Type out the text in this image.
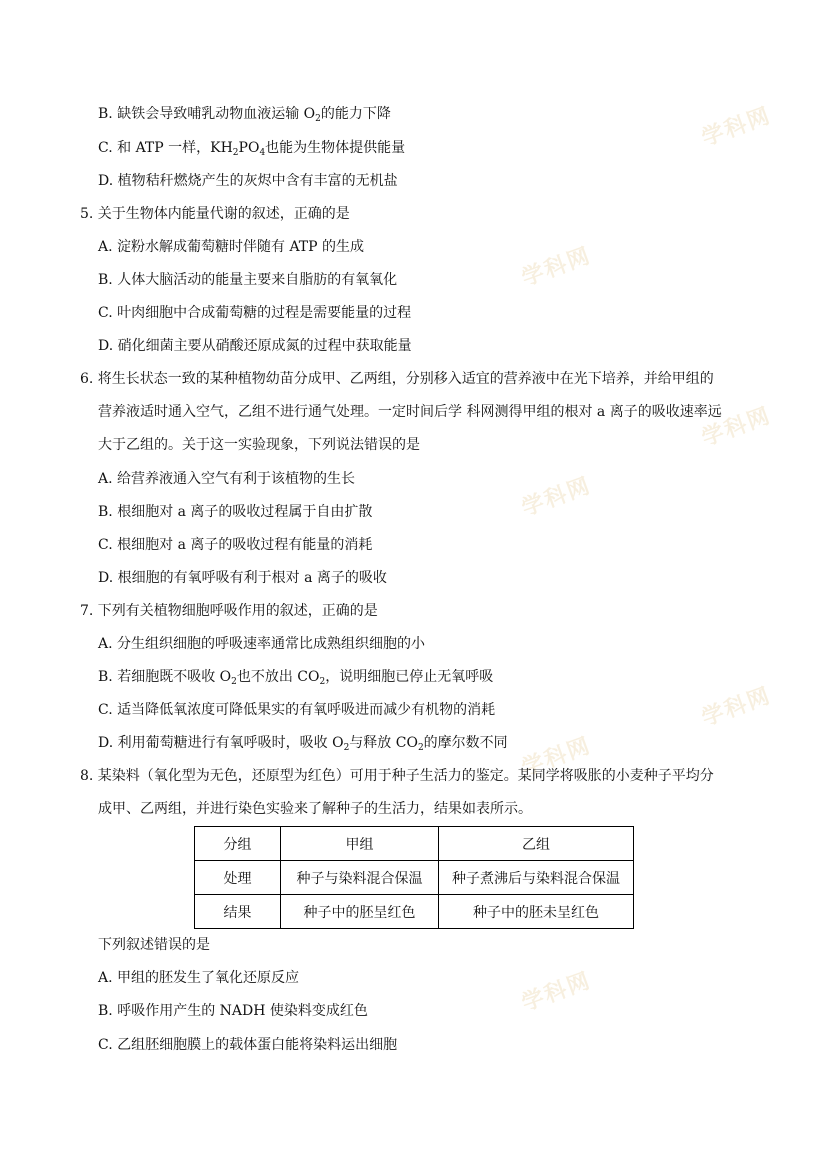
学科网
学科网
学科网
学科网
学科网
学科网
学科网
B. 缺铁会导致哺乳动物血液运输 $O_2$的能力下降
C. 和 ATP 一样，$KH_2PO_4$也能为生物体提供能量
D. 植物秸秆燃烧产生的灰烬中含有丰富的无机盐
5. 关于生物体内能量代谢的叙述，正确的是
A. 淀粉水解成葡萄糖时伴随有 ATP 的生成
B. 人体大脑活动的能量主要来自脂肪的有氧氧化
C. 叶肉细胞中合成葡萄糖的过程是需要能量的过程
D. 硝化细菌主要从硝酸还原成氮的过程中获取能量
6. 将生长状态一致的某种植物幼苗分成甲、乙两组，分别移入适宜的营养液中在光下培养，并给甲组的
营养液适时通入空气，乙组不进行通气处理。一定时间后学 科网测得甲组的根对 a 离子的吸收速率远
大于乙组的。关于这一实验现象，下列说法错误的是
A. 给营养液通入空气有利于该植物的生长
B. 根细胞对 a 离子的吸收过程属于自由扩散
C. 根细胞对 a 离子的吸收过程有能量的消耗
D. 根细胞的有氧呼吸有利于根对 a 离子的吸收
7. 下列有关植物细胞呼吸作用的叙述，正确的是
A. 分生组织细胞的呼吸速率通常比成熟组织细胞的小
B. 若细胞既不吸收 $O_2$也不放出 $CO_2$，说明细胞已停止无氧呼吸
C. 适当降低氧浓度可降低果实的有氧呼吸进而减少有机物的消耗
D. 利用葡萄糖进行有氧呼吸时，吸收 $O_2$与释放 $CO_2$的摩尔数不同
8. 某染料（氧化型为无色，还原型为红色）可用于种子生活力的鉴定。某同学将吸胀的小麦种子平均分
成甲、乙两组，并进行染色实验来了解种子的生活力，结果如表所示。
分组	甲组	乙组
处理	种子与染料混合保温	种子煮沸后与染料混合保温
结果	种子中的胚呈红色	种子中的胚未呈红色
下列叙述错误的是
A. 甲组的胚发生了氧化还原反应
B. 呼吸作用产生的 NADH 使染料变成红色
C. 乙组胚细胞膜上的载体蛋白能将染料运出细胞
